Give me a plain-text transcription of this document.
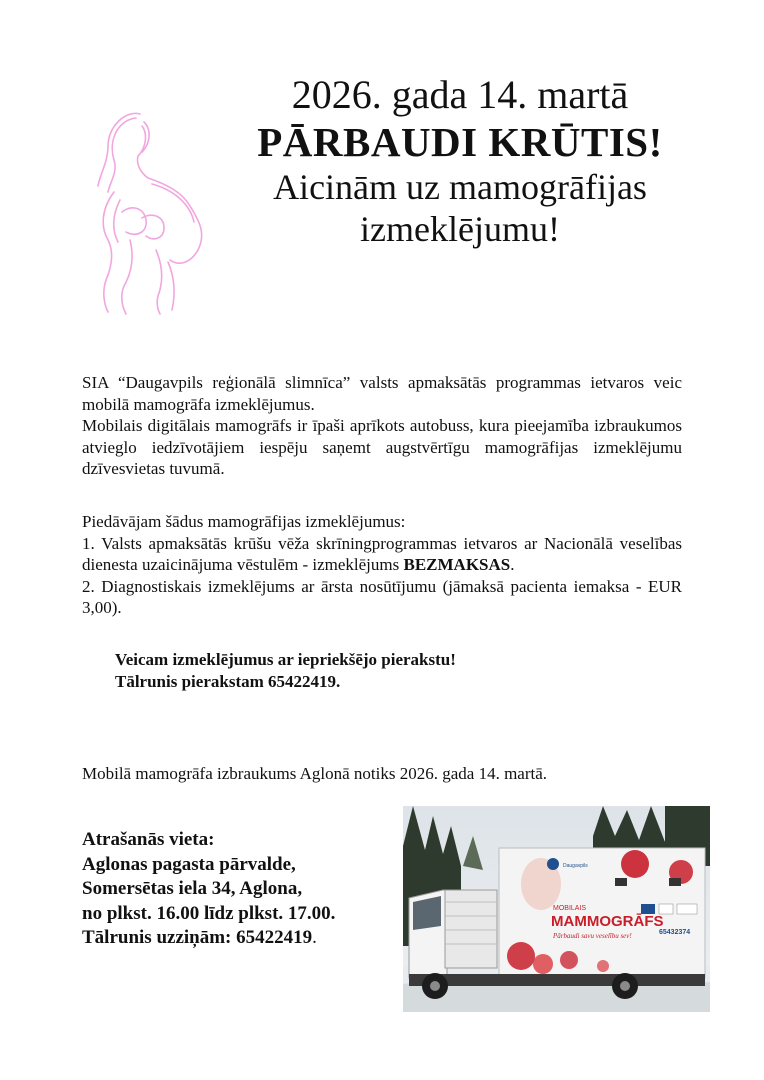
2026. gada 14. martā
PĀRBAUDI KRŪTIS!
Aicinām uz mamogrāfijas
izmeklējumu!

SIA “Daugavpils reģionālā slimnīca” valsts apmaksātās programmas ietvaros veic mobilā mamogrāfa izmeklējumus.

Mobilais digitālais mamogrāfs ir īpaši aprīkots autobuss, kura pieejamība izbraukumos atvieglo iedzīvotājiem iespēju saņemt augstvērtīgu mamogrāfijas izmeklējumu dzīvesvietas tuvumā.

Piedāvājam šādus mamogrāfijas izmeklējumus:

1. Valsts apmaksātās krūšu vēža skrīningprogrammas ietvaros ar Nacionālā veselības dienesta uzaicinājuma vēstulēm - izmeklējums BEZMAKSAS.

2. Diagnostiskais izmeklējums ar ārsta nosūtījumu (jāmaksā pacienta iemaksa - EUR 3,00).

Veicam izmeklējumus ar iepriekšējo pierakstu!

Tālrunis pierakstam 65422419.

Mobilā mamogrāfa izbraukums Aglonā notiks 2026. gada 14. martā.

Atrašanās vieta:

Aglonas pagasta pārvalde,

Somersētas iela 34, Aglona,

no plkst. 16.00 līdz plkst. 17.00.

Tālrunis uzziņām: 65422419.

Daugavpils
MOBILAIS
MAMMOGRĀFS
Pārbaudi savu veselību sev!	65432374
